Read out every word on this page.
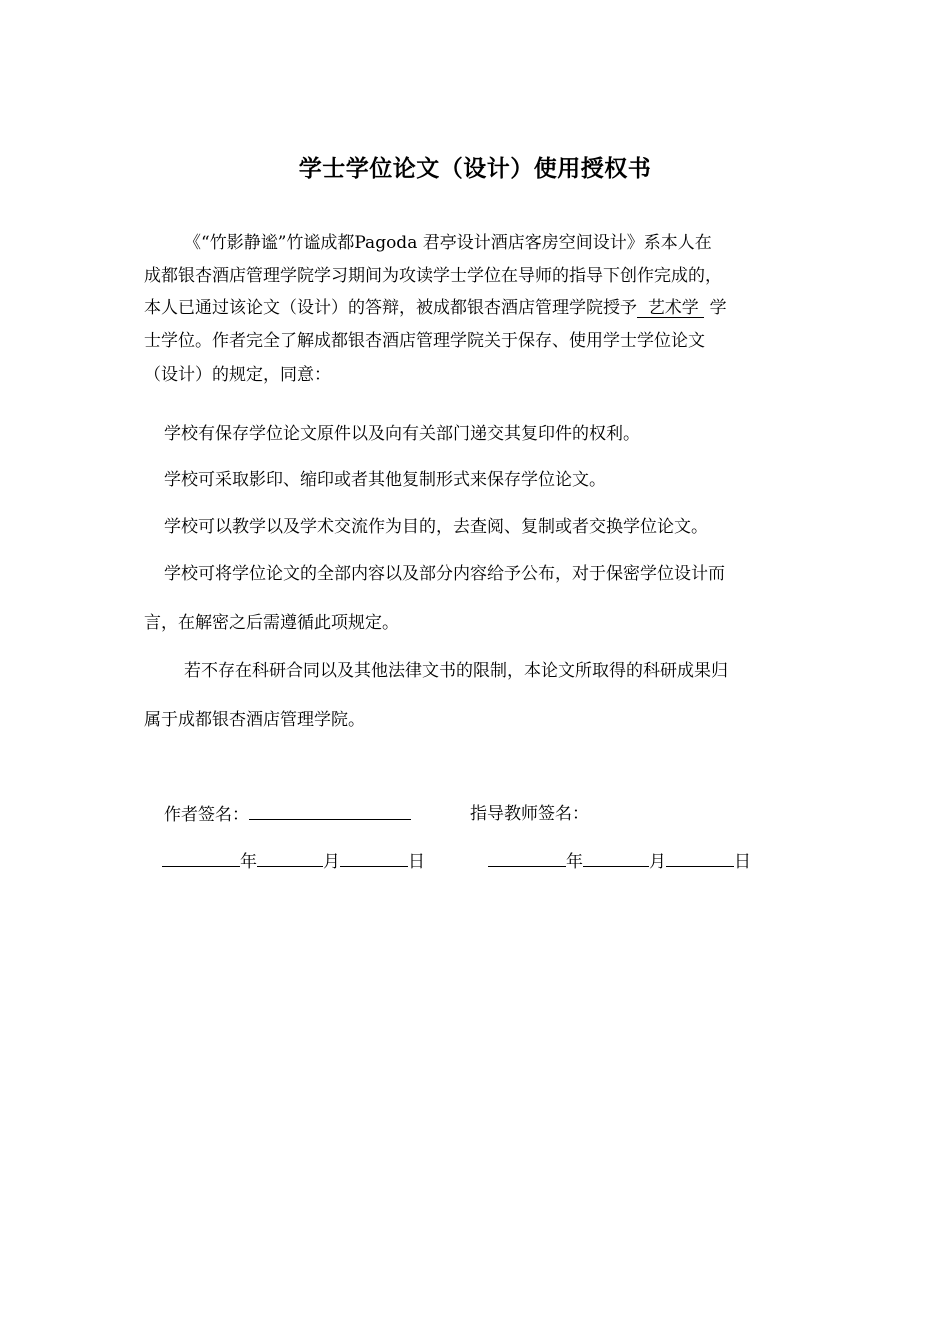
学士学位论文（设计）使用授权书
《“竹影静谧”竹谧成都Pagoda 君亭设计酒店客房空间设计》系本人在
成都银杏酒店管理学院学习期间为攻读学士学位在导师的指导下创作完成的，
本人已通过该论文（设计）的答辩，被成都银杏酒店管理学院授予 艺术学 学
士学位。作者完全了解成都银杏酒店管理学院关于保存、使用学士学位论文
（设计）的规定，同意：
学校有保存学位论文原件以及向有关部门递交其复印件的权利。
学校可采取影印、缩印或者其他复制形式来保存学位论文。
学校可以教学以及学术交流作为目的，去查阅、复制或者交换学位论文。
学校可将学位论文的全部内容以及部分内容给予公布，对于保密学位设计而
言，在解密之后需遵循此项规定。
若不存在科研合同以及其他法律文书的限制，本论文所取得的科研成果归
属于成都银杏酒店管理学院。
作者签名：	指导教师签名：
年	月	日	年	月	日
